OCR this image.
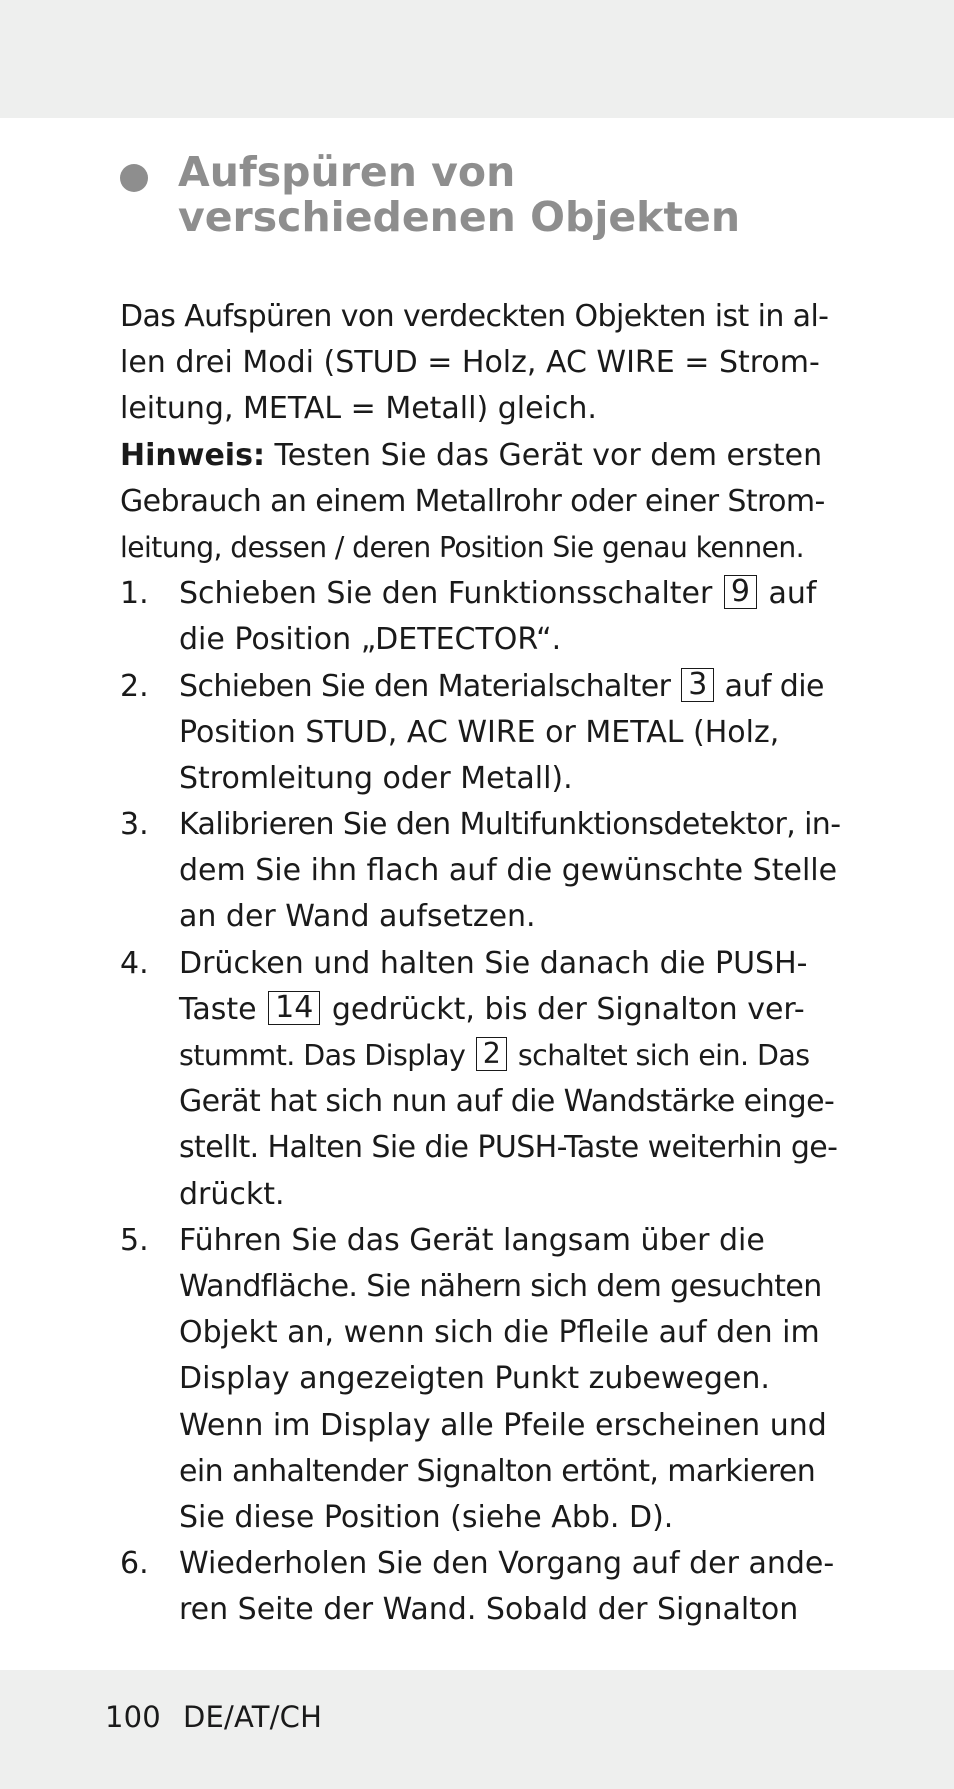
Aufspüren von
verschiedenen Objekten
Das Aufspüren von verdeckten Objekten ist in al-
len drei Modi (STUD = Holz, AC WIRE = Strom-
leitung, METAL = Metall) gleich.
Hinweis: Testen Sie das Gerät vor dem ersten
Gebrauch an einem Metallrohr oder einer Strom-
leitung, dessen / deren Position Sie genau kennen.
1. Schieben Sie den Funktionsschalter 9 auf
die Position „DETECTOR“.
2. Schieben Sie den Materialschalter 3 auf die
Position STUD, AC WIRE or METAL (Holz,
Stromleitung oder Metall).
3. Kalibrieren Sie den Multifunktionsdetektor, in-
dem Sie ihn flach auf die gewünschte Stelle
an der Wand aufsetzen.
4. Drücken und halten Sie danach die PUSH-
Taste 14 gedrückt, bis der Signalton ver-
stummt. Das Display 2 schaltet sich ein. Das
Gerät hat sich nun auf die Wandstärke einge-
stellt. Halten Sie die PUSH-Taste weiterhin ge-
drückt.
5. Führen Sie das Gerät langsam über die
Wandfläche. Sie nähern sich dem gesuchten
Objekt an, wenn sich die Pfleile auf den im
Display angezeigten Punkt zubewegen.
Wenn im Display alle Pfeile erscheinen und
ein anhaltender Signalton ertönt, markieren
Sie diese Position (siehe Abb. D).
6. Wiederholen Sie den Vorgang auf der ande-
ren Seite der Wand. Sobald der Signalton
100 DE/AT/CH
